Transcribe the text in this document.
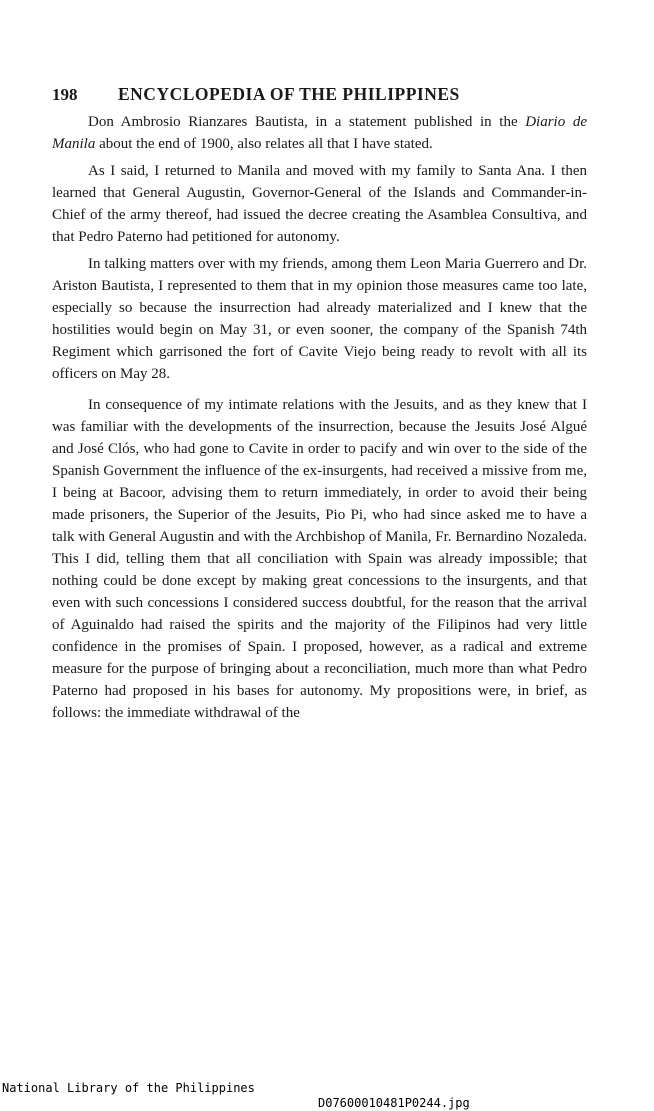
198	ENCYCLOPEDIA OF THE PHILIPPINES

Don Ambrosio Rianzares Bautista, in a statement published in the Diario de Manila about the end of 1900, also relates all that I have stated.

As I said, I returned to Manila and moved with my family to Santa Ana. I then learned that General Augustin, Governor-General of the Islands and Commander-in-Chief of the army thereof, had issued the decree creating the Asamblea Consultiva, and that Pedro Paterno had petitioned for autonomy.

In talking matters over with my friends, among them Leon Maria Guerrero and Dr. Ariston Bautista, I represented to them that in my opinion those measures came too late, especially so because the insurrection had already materialized and I knew that the hostilities would begin on May 31, or even sooner, the company of the Spanish 74th Regiment which garrisoned the fort of Cavite Viejo being ready to revolt with all its officers on May 28.

In consequence of my intimate relations with the Jesuits, and as they knew that I was familiar with the developments of the insurrection, because the Jesuits José Algué and José Clós, who had gone to Cavite in order to pacify and win over to the side of the Spanish Government the influence of the ex-insurgents, had received a missive from me, I being at Bacoor, advising them to return immediately, in order to avoid their being made prisoners, the Superior of the Jesuits, Pio Pi, who had since asked me to have a talk with General Augustin and with the Archbishop of Manila, Fr. Bernardino Nozaleda. This I did, telling them that all conciliation with Spain was already impossible; that nothing could be done except by making great concessions to the insurgents, and that even with such concessions I considered success doubtful, for the reason that the arrival of Aguinaldo had raised the spirits and the majority of the Filipinos had very little confidence in the promises of Spain. I proposed, however, as a radical and extreme measure for the purpose of bringing about a reconciliation, much more than what Pedro Paterno had proposed in his bases for autonomy. My propositions were, in brief, as follows: the immediate withdrawal of the

National Library of the Philippines

D07600010481P0244.jpg
